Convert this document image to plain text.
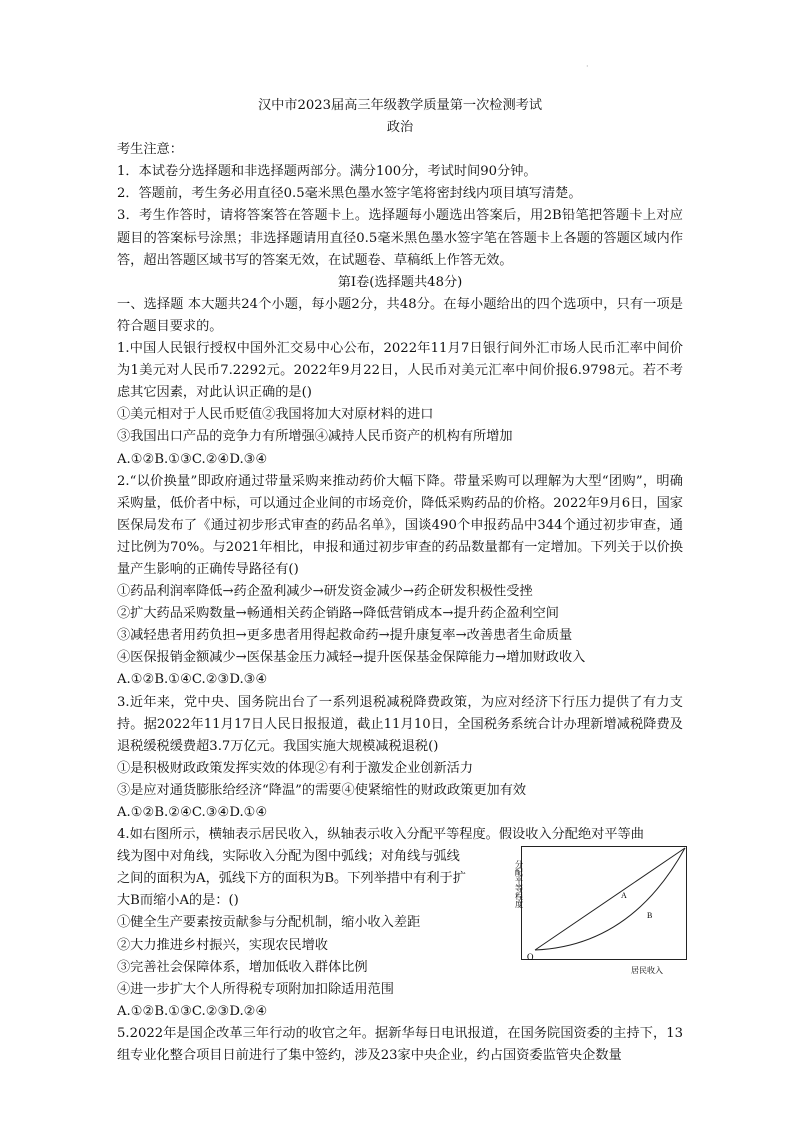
·
汉中市2023届高三年级教学质量第一次检测考试
政治
考生注意：
1．本试卷分选择题和非选择题两部分。满分100分，考试时间90分钟。
2．答题前，考生务必用直径0.5毫米黑色墨水签字笔将密封线内项目填写清楚。
3．考生作答时，请将答案答在答题卡上。选择题每小题选出答案后，用2B铅笔把答题卡上对应题目的答案标号涂黑；非选择题请用直径0.5毫米黑色墨水签字笔在答题卡上各题的答题区域内作答，超出答题区域书写的答案无效，在试题卷、草稿纸上作答无效。
第Ⅰ卷(选择题共48分)
一、选择题 本大题共24个小题，每小题2分，共48分。在每小题给出的四个选项中，只有一项是符合题目要求的。
1.中国人民银行授权中国外汇交易中心公布，2022年11月7日银行间外汇市场人民币汇率中间价为1美元对人民币7.2292元。2022年9月22日，人民币对美元汇率中间价报6.9798元。若不考虑其它因素，对此认识正确的是()
①美元相对于人民币贬值②我国将加大对原材料的进口
③我国出口产品的竞争力有所增强④减持人民币资产的机构有所增加
A.①②B.①③C.②④D.③④
2.“以价换量”即政府通过带量采购来推动药价大幅下降。带量采购可以理解为大型“团购”，明确采购量，低价者中标，可以通过企业间的市场竞价，降低采购药品的价格。2022年9月6日，国家医保局发布了《通过初步形式审查的药品名单》，国谈490个申报药品中344个通过初步审查，通过比例为70%。与2021年相比，申报和通过初步审查的药品数量都有一定增加。下列关于以价换量产生影响的正确传导路径有()
①药品利润率降低→药企盈利减少→研发资金减少→药企研发积极性受挫
②扩大药品采购数量→畅通相关药企销路→降低营销成本→提升药企盈利空间
③减轻患者用药负担→更多患者用得起救命药→提升康复率→改善患者生命质量
④医保报销金额减少→医保基金压力减轻→提升医保基金保障能力→增加财政收入
A.①②B.①④C.②③D.③④
3.近年来，党中央、国务院出台了一系列退税减税降费政策，为应对经济下行压力提供了有力支持。据2022年11月17日人民日报报道，截止11月10日，全国税务系统合计办理新增减税降费及退税缓税缓费超3.7万亿元。我国实施大规模减税退税()
①是积极财政政策发挥实效的体现②有利于激发企业创新活力
③是应对通货膨胀给经济“降温”的需要④使紧缩性的财政政策更加有效
A.①②B.②④C.③④D.①④
4.如右图所示，横轴表示居民收入，纵轴表示收入分配平等程度。假设收入分配绝对平等曲
线为图中对角线，实际收入分配为图中弧线；对角线与弧线
之间的面积为A，弧线下方的面积为B。下列举措中有利于扩
大B而缩小A的是：()
①健全生产要素按贡献参与分配机制，缩小收入差距
②大力推进乡村振兴，实现农民增收
③完善社会保障体系，增加低收入群体比例
④进一步扩大个人所得税专项附加扣除适用范围
A.①②B.①③C.②③D.②④
O
A
B
居民收入
分配平等程度
5.2022年是国企改革三年行动的收官之年。据新华每日电讯报道，在国务院国资委的主持下，13组专业化整合项目日前进行了集中签约，涉及23家中央企业，约占国资委监管央企数量
